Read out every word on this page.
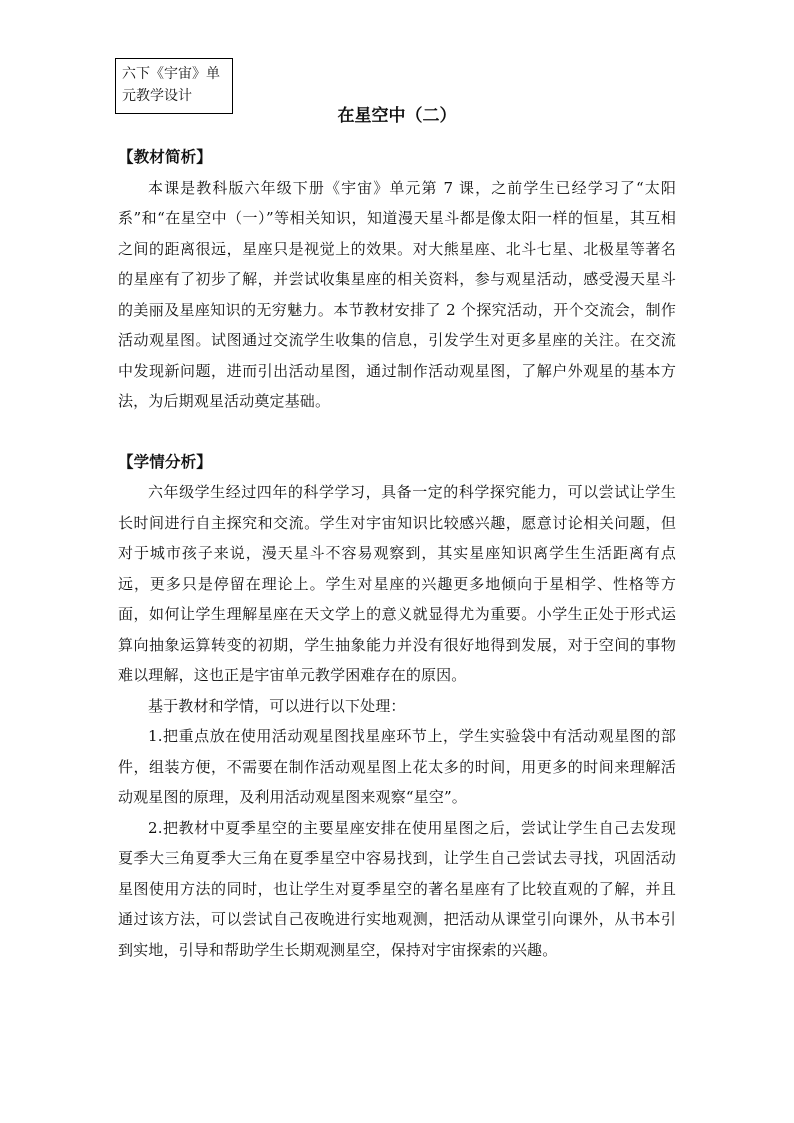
六下《宇宙》单
元教学设计
在星空中（二）

【教材简析】

本课是教科版六年级下册《宇宙》单元第 7 课，之前学生已经学习了“太阳系”和“在星空中（一）”等相关知识，知道漫天星斗都是像太阳一样的恒星，其互相之间的距离很远，星座只是视觉上的效果。对大熊星座、北斗七星、北极星等著名的星座有了初步了解，并尝试收集星座的相关资料，参与观星活动，感受漫天星斗的美丽及星座知识的无穷魅力。本节教材安排了 2 个探究活动，开个交流会，制作活动观星图。试图通过交流学生收集的信息，引发学生对更多星座的关注。在交流中发现新问题，进而引出活动星图，通过制作活动观星图，了解户外观星的基本方法，为后期观星活动奠定基础。

【学情分析】

六年级学生经过四年的科学学习，具备一定的科学探究能力，可以尝试让学生长时间进行自主探究和交流。学生对宇宙知识比较感兴趣，愿意讨论相关问题，但对于城市孩子来说，漫天星斗不容易观察到，其实星座知识离学生生活距离有点远，更多只是停留在理论上。学生对星座的兴趣更多地倾向于星相学、性格等方面，如何让学生理解星座在天文学上的意义就显得尤为重要。小学生正处于形式运算向抽象运算转变的初期，学生抽象能力并没有很好地得到发展，对于空间的事物难以理解，这也正是宇宙单元教学困难存在的原因。

基于教材和学情，可以进行以下处理：

1.把重点放在使用活动观星图找星座环节上，学生实验袋中有活动观星图的部件，组装方便，不需要在制作活动观星图上花太多的时间，用更多的时间来理解活动观星图的原理，及利用活动观星图来观察“星空”。

2.把教材中夏季星空的主要星座安排在使用星图之后，尝试让学生自己去发现夏季大三角夏季大三角在夏季星空中容易找到，让学生自己尝试去寻找，巩固活动星图使用方法的同时，也让学生对夏季星空的著名星座有了比较直观的了解，并且通过该方法，可以尝试自己夜晚进行实地观测，把活动从课堂引向课外，从书本引到实地，引导和帮助学生长期观测星空，保持对宇宙探索的兴趣。
